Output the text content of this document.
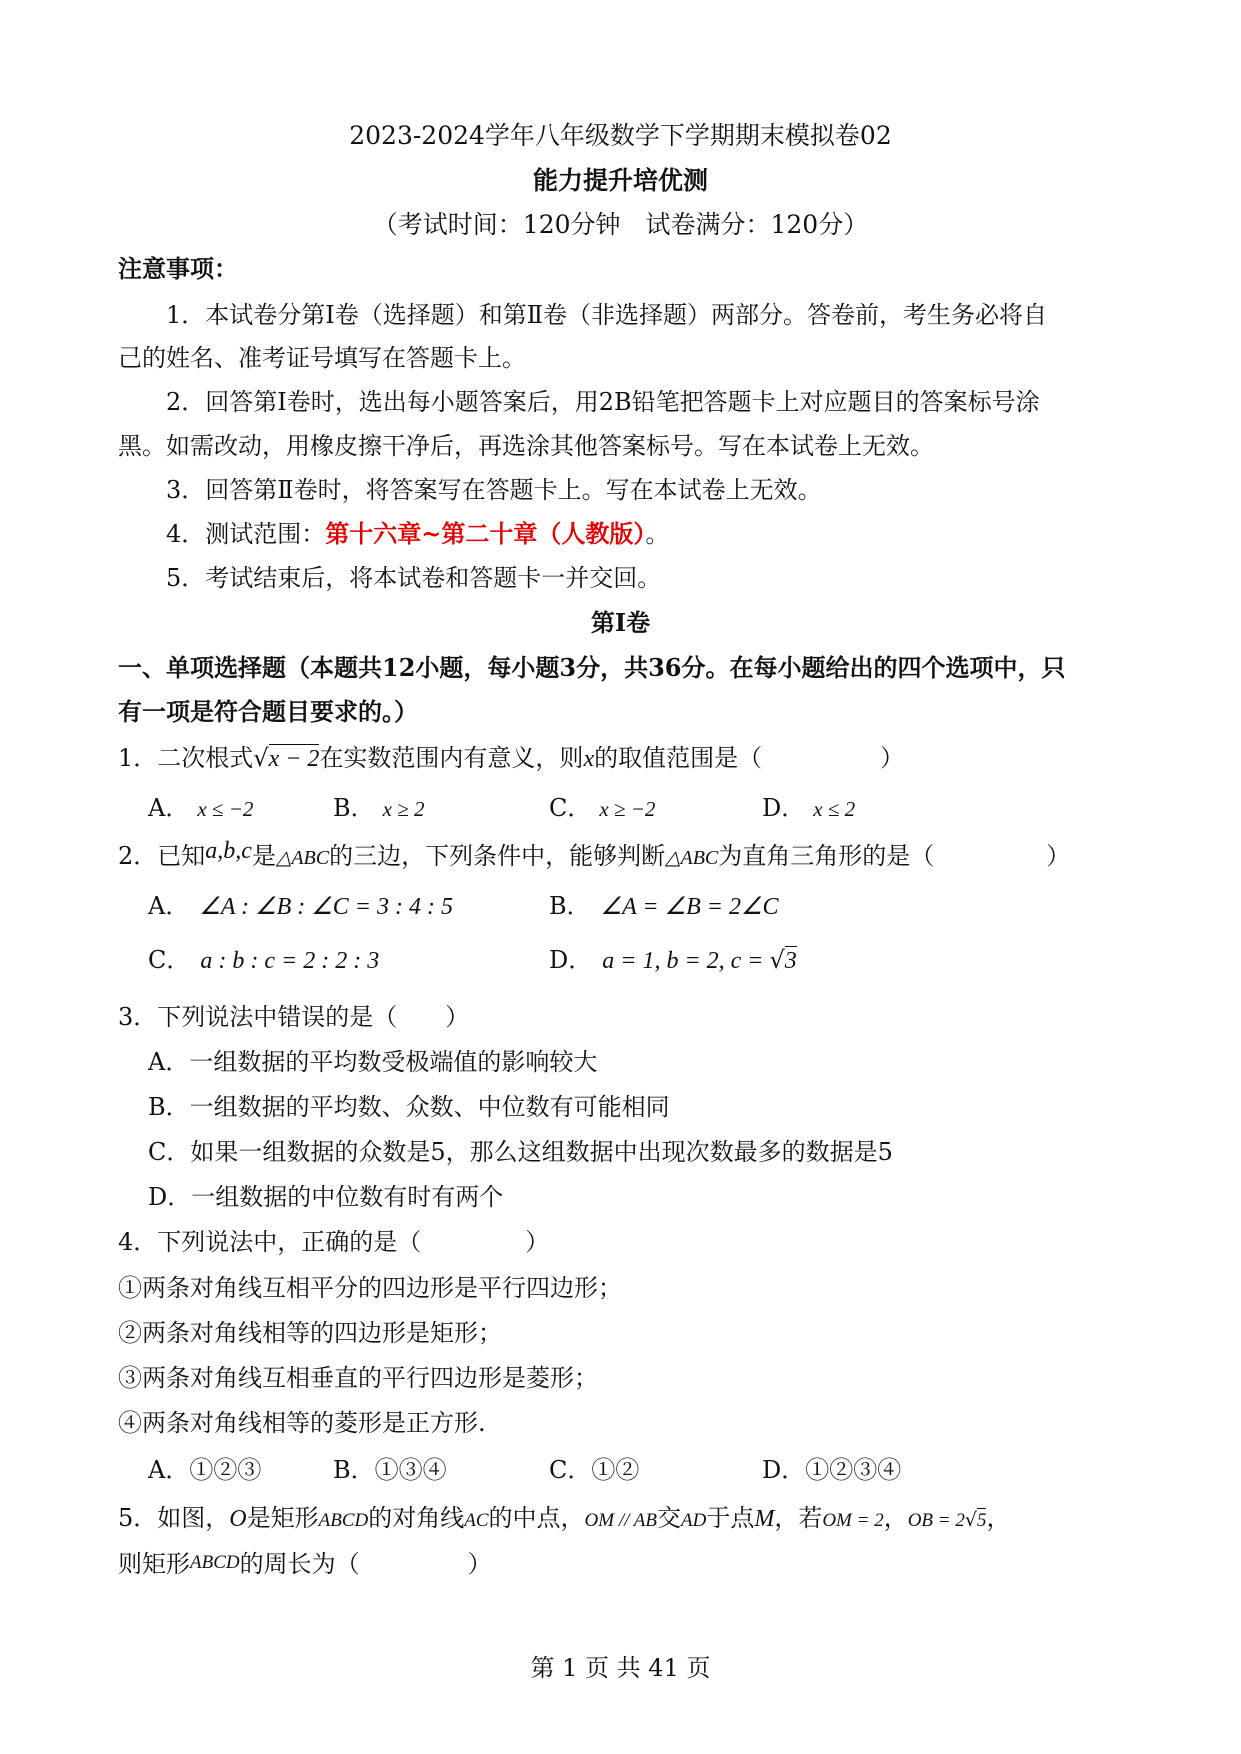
2023-2024学年八年级数学下学期期末模拟卷02
能力提升培优测
（考试时间：120分钟　试卷满分：120分）
注意事项：
1．本试卷分第Ⅰ卷（选择题）和第Ⅱ卷（非选择题）两部分。答卷前，考生务必将自
己的姓名、准考证号填写在答题卡上。
2．回答第Ⅰ卷时，选出每小题答案后，用2B铅笔把答题卡上对应题目的答案标号涂
黑。如需改动，用橡皮擦干净后，再选涂其他答案标号。写在本试卷上无效。
3．回答第Ⅱ卷时，将答案写在答题卡上。写在本试卷上无效。
4．测试范围：第十六章~第二十章（人教版）。
5．考试结束后，将本试卷和答题卡一并交回。
第Ⅰ卷
一、单项选择题（本题共12小题，每小题3分，共36分。在每小题给出的四个选项中，只
有一项是符合题目要求的。）
1．二次根式√x − 2在实数范围内有意义，则x的取值范围是（	）
A． x ≤ −2	B． x ≥ 2	C． x ≥ −2	D． x ≤ 2
2．已知a,b,c是△ABC的三边，下列条件中，能够判断△ABC为直角三角形的是（	）
A． ∠A : ∠B : ∠C = 3 : 4 : 5	B． ∠A = ∠B = 2∠C
C． a : b : c = 2 : 2 : 3	D． a = 1, b = 2, c = √3
3．下列说法中错误的是（　　）
A．一组数据的平均数受极端值的影响较大
B．一组数据的平均数、众数、中位数有可能相同
C．如果一组数据的众数是5，那么这组数据中出现次数最多的数据是5
D．一组数据的中位数有时有两个
4．下列说法中，正确的是（	）
①两条对角线互相平分的四边形是平行四边形；
②两条对角线相等的四边形是矩形；
③两条对角线互相垂直的平行四边形是菱形；
④两条对角线相等的菱形是正方形.
A．①②③	B．①③④	C．①②	D．①②③④
5．如图，O是矩形ABCD的对角线AC的中点，OM // AB交AD于点M，若OM = 2，OB = 2√5，
则矩形ABCD的周长为（	）
第 1 页 共 41 页
